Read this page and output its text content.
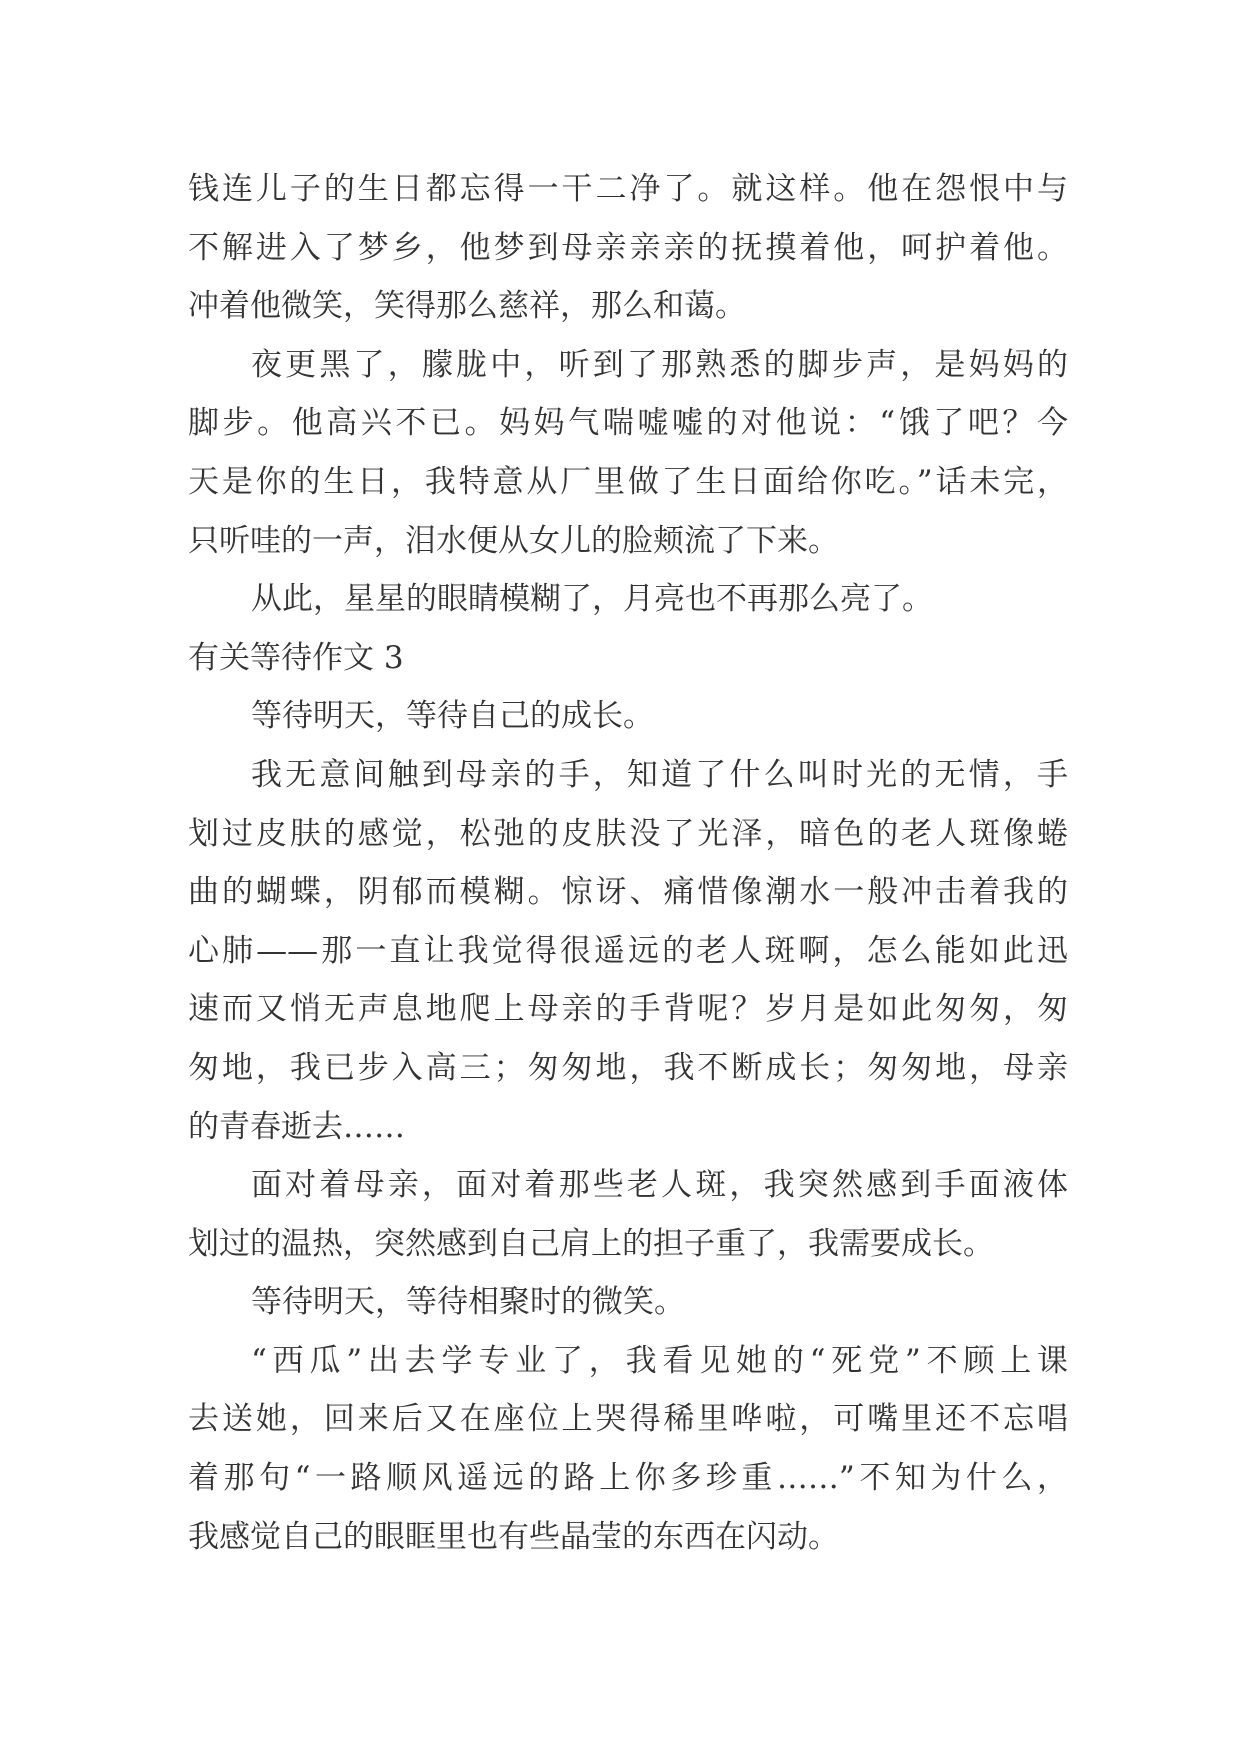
钱连儿子的生日都忘得一干二净了。就这样。他在怨恨中与
不解进入了梦乡，他梦到母亲亲亲的抚摸着他，呵护着他。
冲着他微笑，笑得那么慈祥，那么和蔼。
夜更黑了，朦胧中，听到了那熟悉的脚步声，是妈妈的
脚步。他高兴不已。妈妈气喘嘘嘘的对他说：“饿了吧？今
天是你的生日，我特意从厂里做了生日面给你吃。”话未完，
只听哇的一声，泪水便从女儿的脸颊流了下来。
从此，星星的眼睛模糊了，月亮也不再那么亮了。
有关等待作文 3
等待明天，等待自己的成长。
我无意间触到母亲的手，知道了什么叫时光的无情，手
划过皮肤的感觉，松弛的皮肤没了光泽，暗色的老人斑像蜷
曲的蝴蝶，阴郁而模糊。惊讶、痛惜像潮水一般冲击着我的
心肺——那一直让我觉得很遥远的老人斑啊，怎么能如此迅
速而又悄无声息地爬上母亲的手背呢？岁月是如此匆匆，匆
匆地，我已步入高三；匆匆地，我不断成长；匆匆地，母亲
的青春逝去……
面对着母亲，面对着那些老人斑，我突然感到手面液体
划过的温热，突然感到自己肩上的担子重了，我需要成长。
等待明天，等待相聚时的微笑。
“西瓜”出去学专业了，我看见她的“死党”不顾上课
去送她，回来后又在座位上哭得稀里哗啦，可嘴里还不忘唱
着那句“一路顺风遥远的路上你多珍重……”不知为什么，
我感觉自己的眼眶里也有些晶莹的东西在闪动。
